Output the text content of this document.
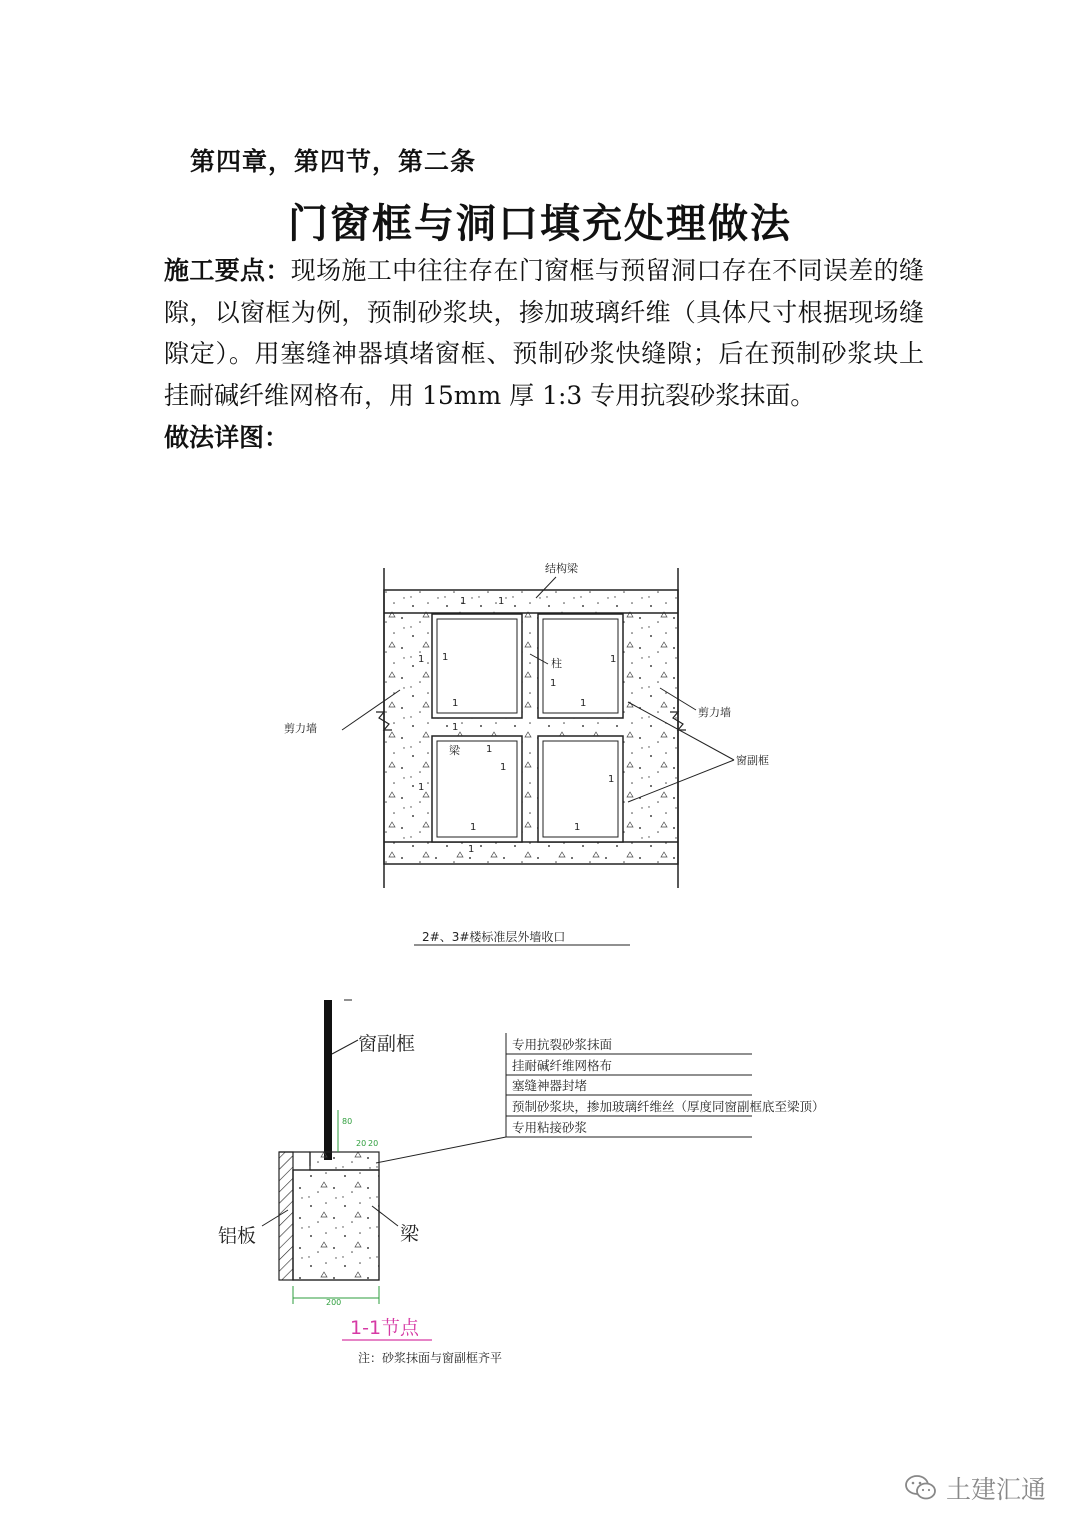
第四章，第四节，第二条
门窗框与洞口填充处理做法
施工要点：现场施工中往往存在门窗框与预留洞口存在不同误差的缝隙，以窗框为例，预制砂浆块，掺加玻璃纤维（具体尺寸根据现场缝隙定）。用塞缝神器填堵窗框、预制砂浆快缝隙；后在预制砂浆块上挂耐碱纤维网格布，用 15mm 厚 1:3 专用抗裂砂浆抹面。
做法详图：
1	1
1
1	1
1	1
1
1
1
1
1
1	1
1
1
结构梁
柱
剪力墙
剪力墙
梁
窗副框
2#、3#楼标准层外墙收口
200
80
20 20
窗副框
铝板	梁
专用抗裂砂浆抹面
挂耐碱纤维网格布
塞缝神器封堵
预制砂浆块，掺加玻璃纤维丝（厚度同窗副框底至梁顶）
专用粘接砂浆
1-1节点
注：砂浆抹面与窗副框齐平
土建汇通
